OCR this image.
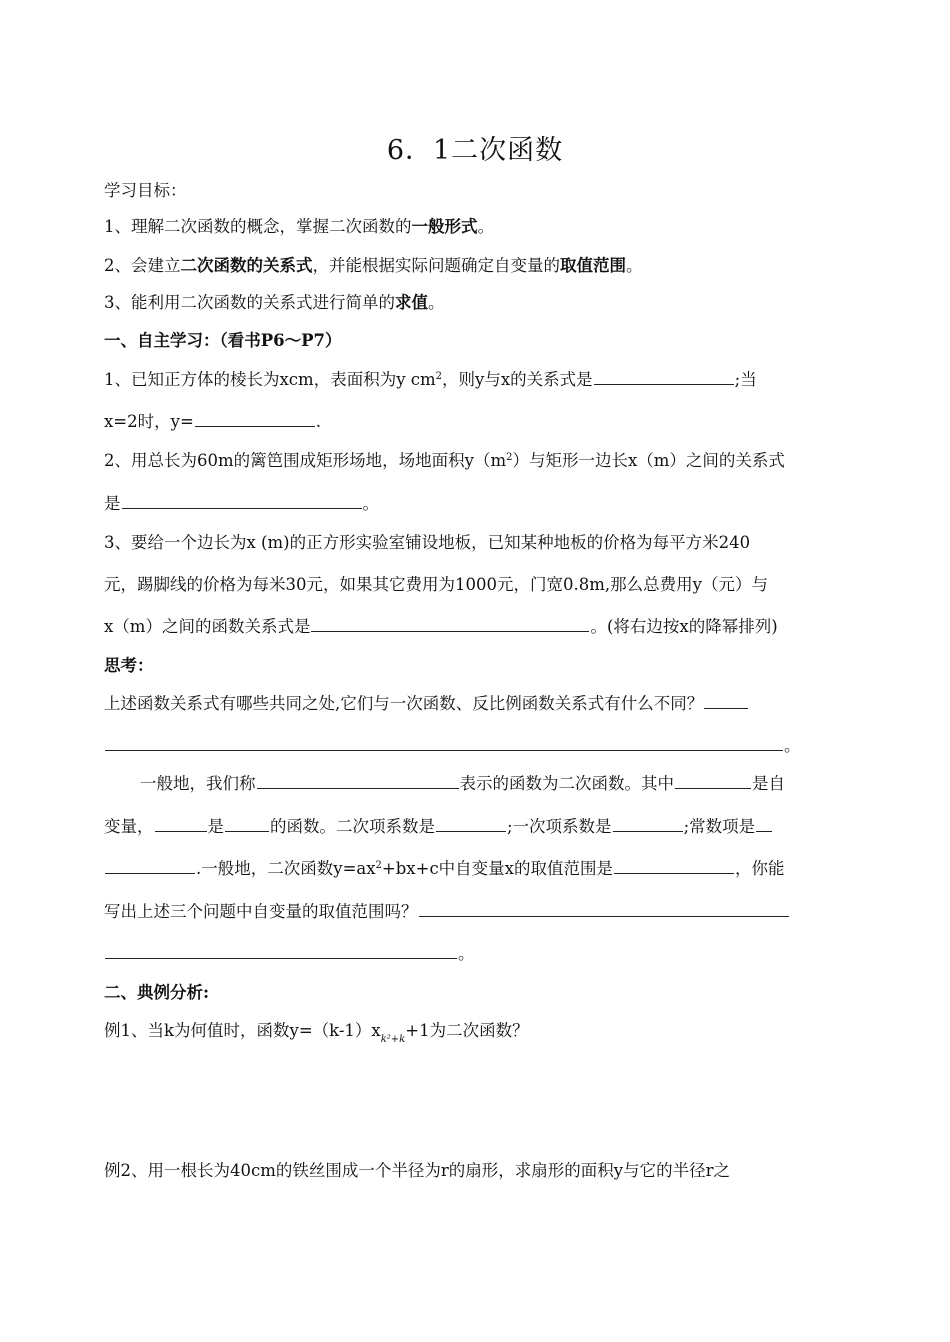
6．1二次函数
学习目标：
1、理解二次函数的概念，掌握二次函数的一般形式。
2、会建立二次函数的关系式，并能根据实际问题确定自变量的取值范围。
3、能利用二次函数的关系式进行简单的求值。
一、自主学习：（看书P6～P7）
1、已知正方体的棱长为xcm，表面积为y $cm^2$，则y与x的关系式是	;当
x=2时，y=	.
2、用总长为60m的篱笆围成矩形场地，场地面积$y(m^2)$与矩形一边长x（m）之间的关系式
是	。
3、要给一个边长为x (m)的正方形实验室铺设地板，已知某种地板的价格为每平方米240
元，踢脚线的价格为每米30元，如果其它费用为1000元，门宽0.8m,那么总费用y（元）与
x（m）之间的函数关系式是	。(将右边按x的降幂排列)
思考：
上述函数关系式有哪些共同之处,它们与一次函数、反比例函数关系式有什么不同？
。
一般地，我们称	表示的函数为二次函数。其中	是自
变量，	是	的函数。二次项系数是	;一次项系数是	;常数项是
.一般地，二次函数$y=ax^2+bx+c$中自变量x的取值范围是	，你能
写出上述三个问题中自变量的取值范围吗？
。
二、典例分析:
例1、当k为何值时，函数$y=(k-1)x_{k^2+k}+1$为二次函数？
例2、用一根长为40cm的铁丝围成一个半径为r的扇形，求扇形的面积y与它的半径r之
